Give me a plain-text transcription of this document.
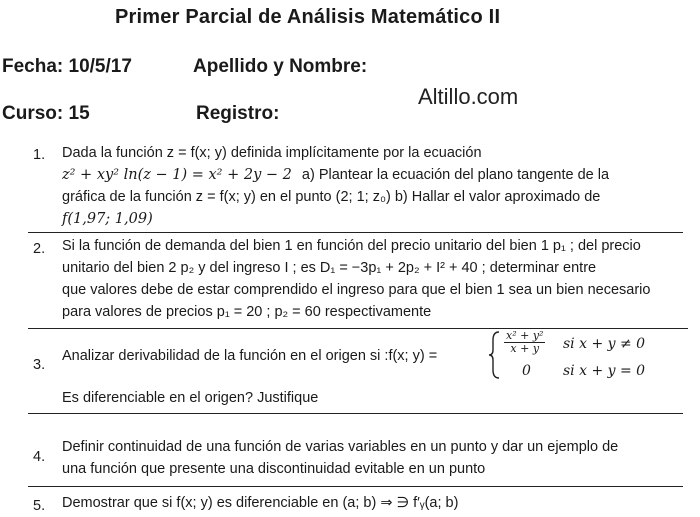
Primer Parcial de Análisis Matemático II
Fecha: 10/5/17	Apellido y Nombre:
Curso: 15	Registro:
Altillo.com
1. Dada la función z = f(x; y) definida implícitamente por la ecuación
z² + xy² ln(z − 1) = x² + 2y − 2 a) Plantear la ecuación del plano tangente de la
gráfica de la función z = f(x; y) en el punto (2; 1; z₀) b) Hallar el valor aproximado de
f(1,97; 1,09)
2. Si la función de demanda del bien 1 en función del precio unitario del bien 1 p₁ ; del precio
unitario del bien 2 p₂ y del ingreso I ; es D₁ = −3p₁ + 2p₂ + I² + 40 ; determinar entre
que valores debe de estar comprendido el ingreso para que el bien 1 sea un bien necesario
para valores de precios p₁ = 20 ; p₂ = 60 respectivamente
3.
Analizar derivabilidad de la función en el origen si :f(x; y) =
$\frac{\text{x² + y²}}{x + y}$ si x + y ≠ 0
0 si x + y = 0
Es diferenciable en el origen? Justifique
4.
Definir continuidad de una función de varias variables en un punto y dar un ejemplo de
una función que presente una discontinuidad evitable en un punto
5. Demostrar que si f(x; y) es diferenciable en (a; b) ⇒ ∋ f′ᵧ(a; b)
